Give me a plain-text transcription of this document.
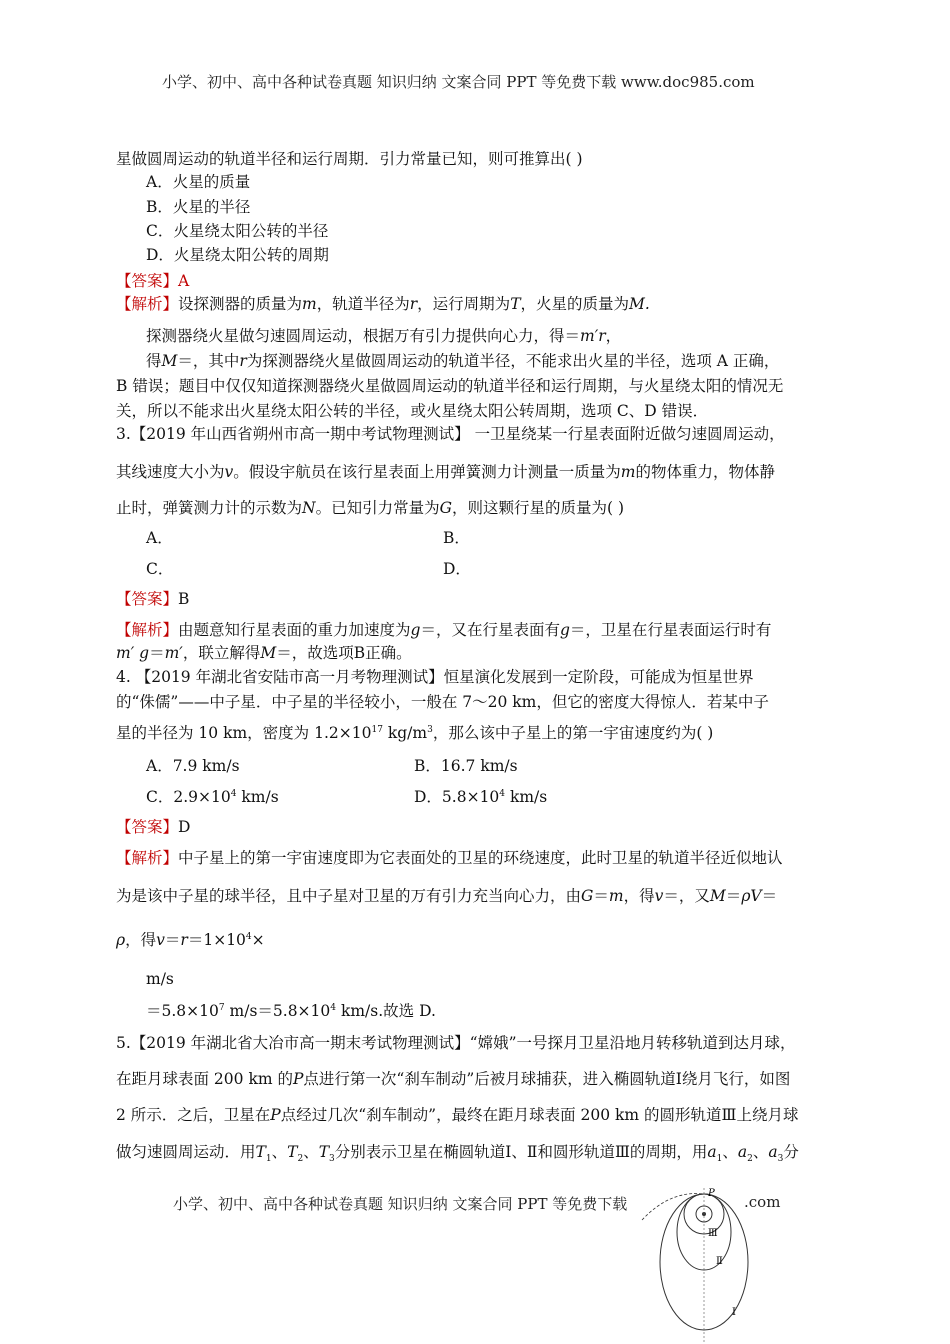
小学、初中、高中各种试卷真题 知识归纳 文案合同 PPT 等免费下载 www.doc985.com
星做圆周运动的轨道半径和运行周期．引力常量已知，则可推算出( )
A．火星的质量
B．火星的半径
C．火星绕太阳公转的半径
D．火星绕太阳公转的周期
【答案】A
【解析】设探测器的质量为m，轨道半径为r，运行周期为T，火星的质量为M.
探测器绕火星做匀速圆周运动，根据万有引力提供向心力，得＝m′r，
得M＝，其中r为探测器绕火星做圆周运动的轨道半径，不能求出火星的半径，选项 A 正确，
B 错误；题目中仅仅知道探测器绕火星做圆周运动的轨道半径和运行周期，与火星绕太阳的情况无
关，所以不能求出火星绕太阳公转的半径，或火星绕太阳公转周期，选项 C、D 错误．
3.【2019 年山西省朔州市高一期中考试物理测试】 一卫星绕某一行星表面附近做匀速圆周运动，
其线速度大小为v。假设宇航员在该行星表面上用弹簧测力计测量一质量为m的物体重力，物体静
止时，弹簧测力计的示数为N。已知引力常量为G，则这颗行星的质量为( )
A．	B．
C．	D．
【答案】B
【解析】由题意知行星表面的重力加速度为g＝，又在行星表面有g＝，卫星在行星表面运行时有
m′ g＝m′，联立解得M＝，故选项B正确。
4. 【2019 年湖北省安陆市高一月考物理测试】恒星演化发展到一定阶段，可能成为恒星世界
的“侏儒”——中子星．中子星的半径较小，一般在 7～20 km，但它的密度大得惊人．若某中子
星的半径为 10 km，密度为 $1.2\times 10^{17}$ $kg/m^3$，那么该中子星上的第一宇宙速度约为( )
A．7.9 km/s	B．16.7 km/s
C．$2.9\times 10^4$ km/s	D．$5.8\times 10^4$ km/s
【答案】D
【解析】中子星上的第一宇宙速度即为它表面处的卫星的环绕速度，此时卫星的轨道半径近似地认
为是该中子星的球半径，且中子星对卫星的万有引力充当向心力，由G＝m，得v＝，又M＝ρV＝
ρ，得$v=r=1\times 10^4\times$
m/s
$=5.8\times 10^7$ $m/s=5.8\times 10^4$ km/s.故选 D.
5.【2019 年湖北省大冶市高一期末考试物理测试】“嫦娥”一号探月卫星沿地月转移轨道到达月球，
在距月球表面 200 km 的P点进行第一次“刹车制动”后被月球捕获，进入椭圆轨道Ⅰ绕月飞行，如图
2 所示．之后，卫星在P点经过几次“刹车制动”，最终在距月球表面 200 km 的圆形轨道Ⅲ上绕月球
做匀速圆周运动．用$T_1$、$T_2$、$T_3$分别表示卫星在椭圆轨道Ⅰ、Ⅱ和圆形轨道Ⅲ的周期，用$a_1$、$a_2$、$a_3$分
小学、初中、高中各种试卷真题 知识归纳 文案合同 PPT 等免费下载	.com
P
Ⅲ
Ⅱ
Ⅰ
